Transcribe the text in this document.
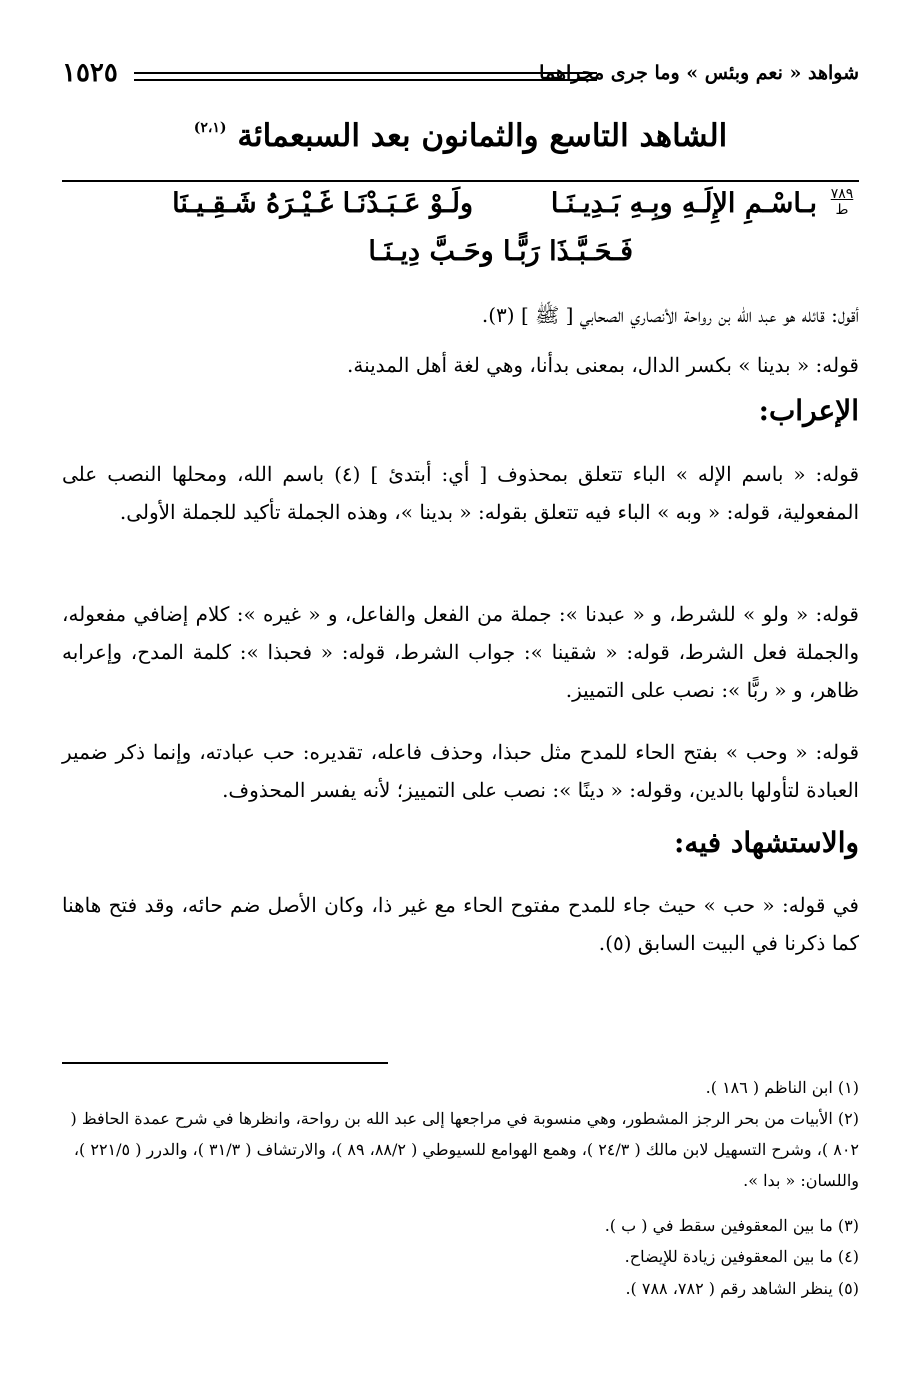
شواهد « نعم وبئس » وما جرى مجراهما
١٥٢٥
الشاهد التاسع والثمانون بعد السبعمائة $^{(٢،١)}$
٧٨٩
ط
بـاسْـمِ الإِلَـهِ وبِـهِ بَـدِيـنَـا
ولَـوْ عَـبَـدْنَـا غَـيْـرَهُ شَـقِـيـنَا
فَـحَـبَّـذَا رَبًّـا وحَـبَّ دِيـنَـا
أقول: قائله هو عبد الله بن رواحة الأنصاري الصحابي [ ﷺ ] (٣).
قوله: « بدينا » بكسر الدال، بمعنى بدأنا، وهي لغة أهل المدينة.
الإعراب:
قوله: « باسم الإله » الباء تتعلق بمحذوف [ أي: أبتدئ ] (٤) باسم الله، ومحلها النصب على المفعولية، قوله: « وبه » الباء فيه تتعلق بقوله: « بدينا »، وهذه الجملة تأكيد للجملة الأولى.
قوله: « ولو » للشرط، و « عبدنا »: جملة من الفعل والفاعل، و « غيره »: كلام إضافي مفعوله، والجملة فعل الشرط، قوله: « شقينا »: جواب الشرط، قوله: « فحبذا »: كلمة المدح، وإعرابه ظاهر، و « ربًّا »: نصب على التمييز.
قوله: « وحب » بفتح الحاء للمدح مثل حبذا، وحذف فاعله، تقديره: حب عبادته، وإنما ذكر ضمير العبادة لتأولها بالدين، وقوله: « دينًا »: نصب على التمييز؛ لأنه يفسر المحذوف.
والاستشهاد فيه:
في قوله: « حب » حيث جاء للمدح مفتوح الحاء مع غير ذا، وكان الأصل ضم حائه، وقد فتح هاهنا كما ذكرنا في البيت السابق (٥).
(١) ابن الناظم ( ١٨٦ ).
(٢) الأبيات من بحر الرجز المشطور، وهي منسوبة في مراجعها إلى عبد الله بن رواحة، وانظرها في شرح عمدة الحافظ ( ٨٠٢ )، وشرح التسهيل لابن مالك ( ٢٤/٣ )، وهمع الهوامع للسيوطي ( ٨٨/٢، ٨٩ )، والارتشاف ( ٣١/٣ )، والدرر ( ٢٢١/٥ )، واللسان: « بدا ».
(٣) ما بين المعقوفين سقط في ( ب ).
(٤) ما بين المعقوفين زيادة للإيضاح.
(٥) ينظر الشاهد رقم ( ٧٨٢، ٧٨٨ ).
